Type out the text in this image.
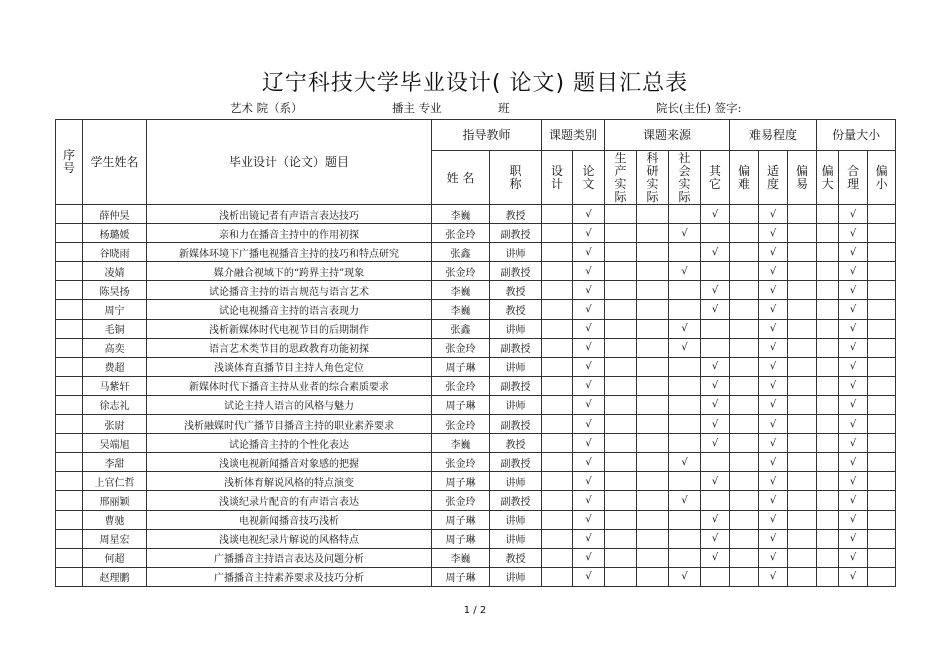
辽宁科技大学毕业设计( 论文) 题目汇总表
艺术 院（系）	播主 专业	班	院长(主任) 签字:
序号	学生姓名	毕业设计（论文）题目	指导教师		课题类别		课题来源				难易程度			份量大小		
			姓 名	职称	设计	论文	生产实际	科研实际	社会实际	其它	偏难	适度	偏易	偏大	合理	偏小
	薛仲昊	浅析出镜记者有声语言表达技巧	李巍	教授		√				√		√			√	
	杨璐媛	亲和力在播音主持中的作用初探	张金玲	副教授		√			√			√			√	
	谷晓雨	新媒体环境下广播电视播音主持的技巧和特点研究	张鑫	讲师		√				√		√			√	
	凌婧	媒介融合视域下的“跨界主持”现象	张金玲	副教授		√			√			√			√	
	陈昊扬	试论播音主持的语言规范与语言艺术	李巍	教授		√				√		√			√	
	周宁	试论电视播音主持的语言表现力	李巍	教授		√				√		√			√	
	毛铜	浅析新媒体时代电视节目的后期制作	张鑫	讲师		√			√			√			√	
	高奕	语言艺术类节目的思政教育功能初探	张金玲	副教授		√			√			√			√	
	费超	浅谈体育直播节目主持人角色定位	周子琳	讲师		√				√		√			√	
	马紫轩	新媒体时代下播音主持从业者的综合素质要求	张金玲	副教授		√				√		√			√	
	徐志礼	试论主持人语言的风格与魅力	周子琳	讲师		√				√		√			√	
	张尉	浅析融媒时代广播节目播音主持的职业素养要求	张金玲	副教授		√				√		√			√	
	吴端旭	试论播音主持的个性化表达	李巍	教授		√				√		√			√	
	李甜	浅谈电视新闻播音对象感的把握	张金玲	副教授		√			√			√			√	
	上官仁哲	浅析体育解说风格的特点演变	周子琳	讲师		√				√		√			√	
	邢丽颖	浅谈纪录片配音的有声语言表达	张金玲	副教授		√			√			√			√	
	曹驰	电视新闻播音技巧浅析	周子琳	讲师		√				√		√			√	
	周星宏	浅谈电视纪录片解说的风格特点	周子琳	讲师		√				√		√			√	
	何超	广播播音主持语言表达及问题分析	李巍	教授		√				√		√			√	
	赵理鹏	广播播音主持素养要求及技巧分析	周子琳	讲师		√			√			√			√	
1 / 2
